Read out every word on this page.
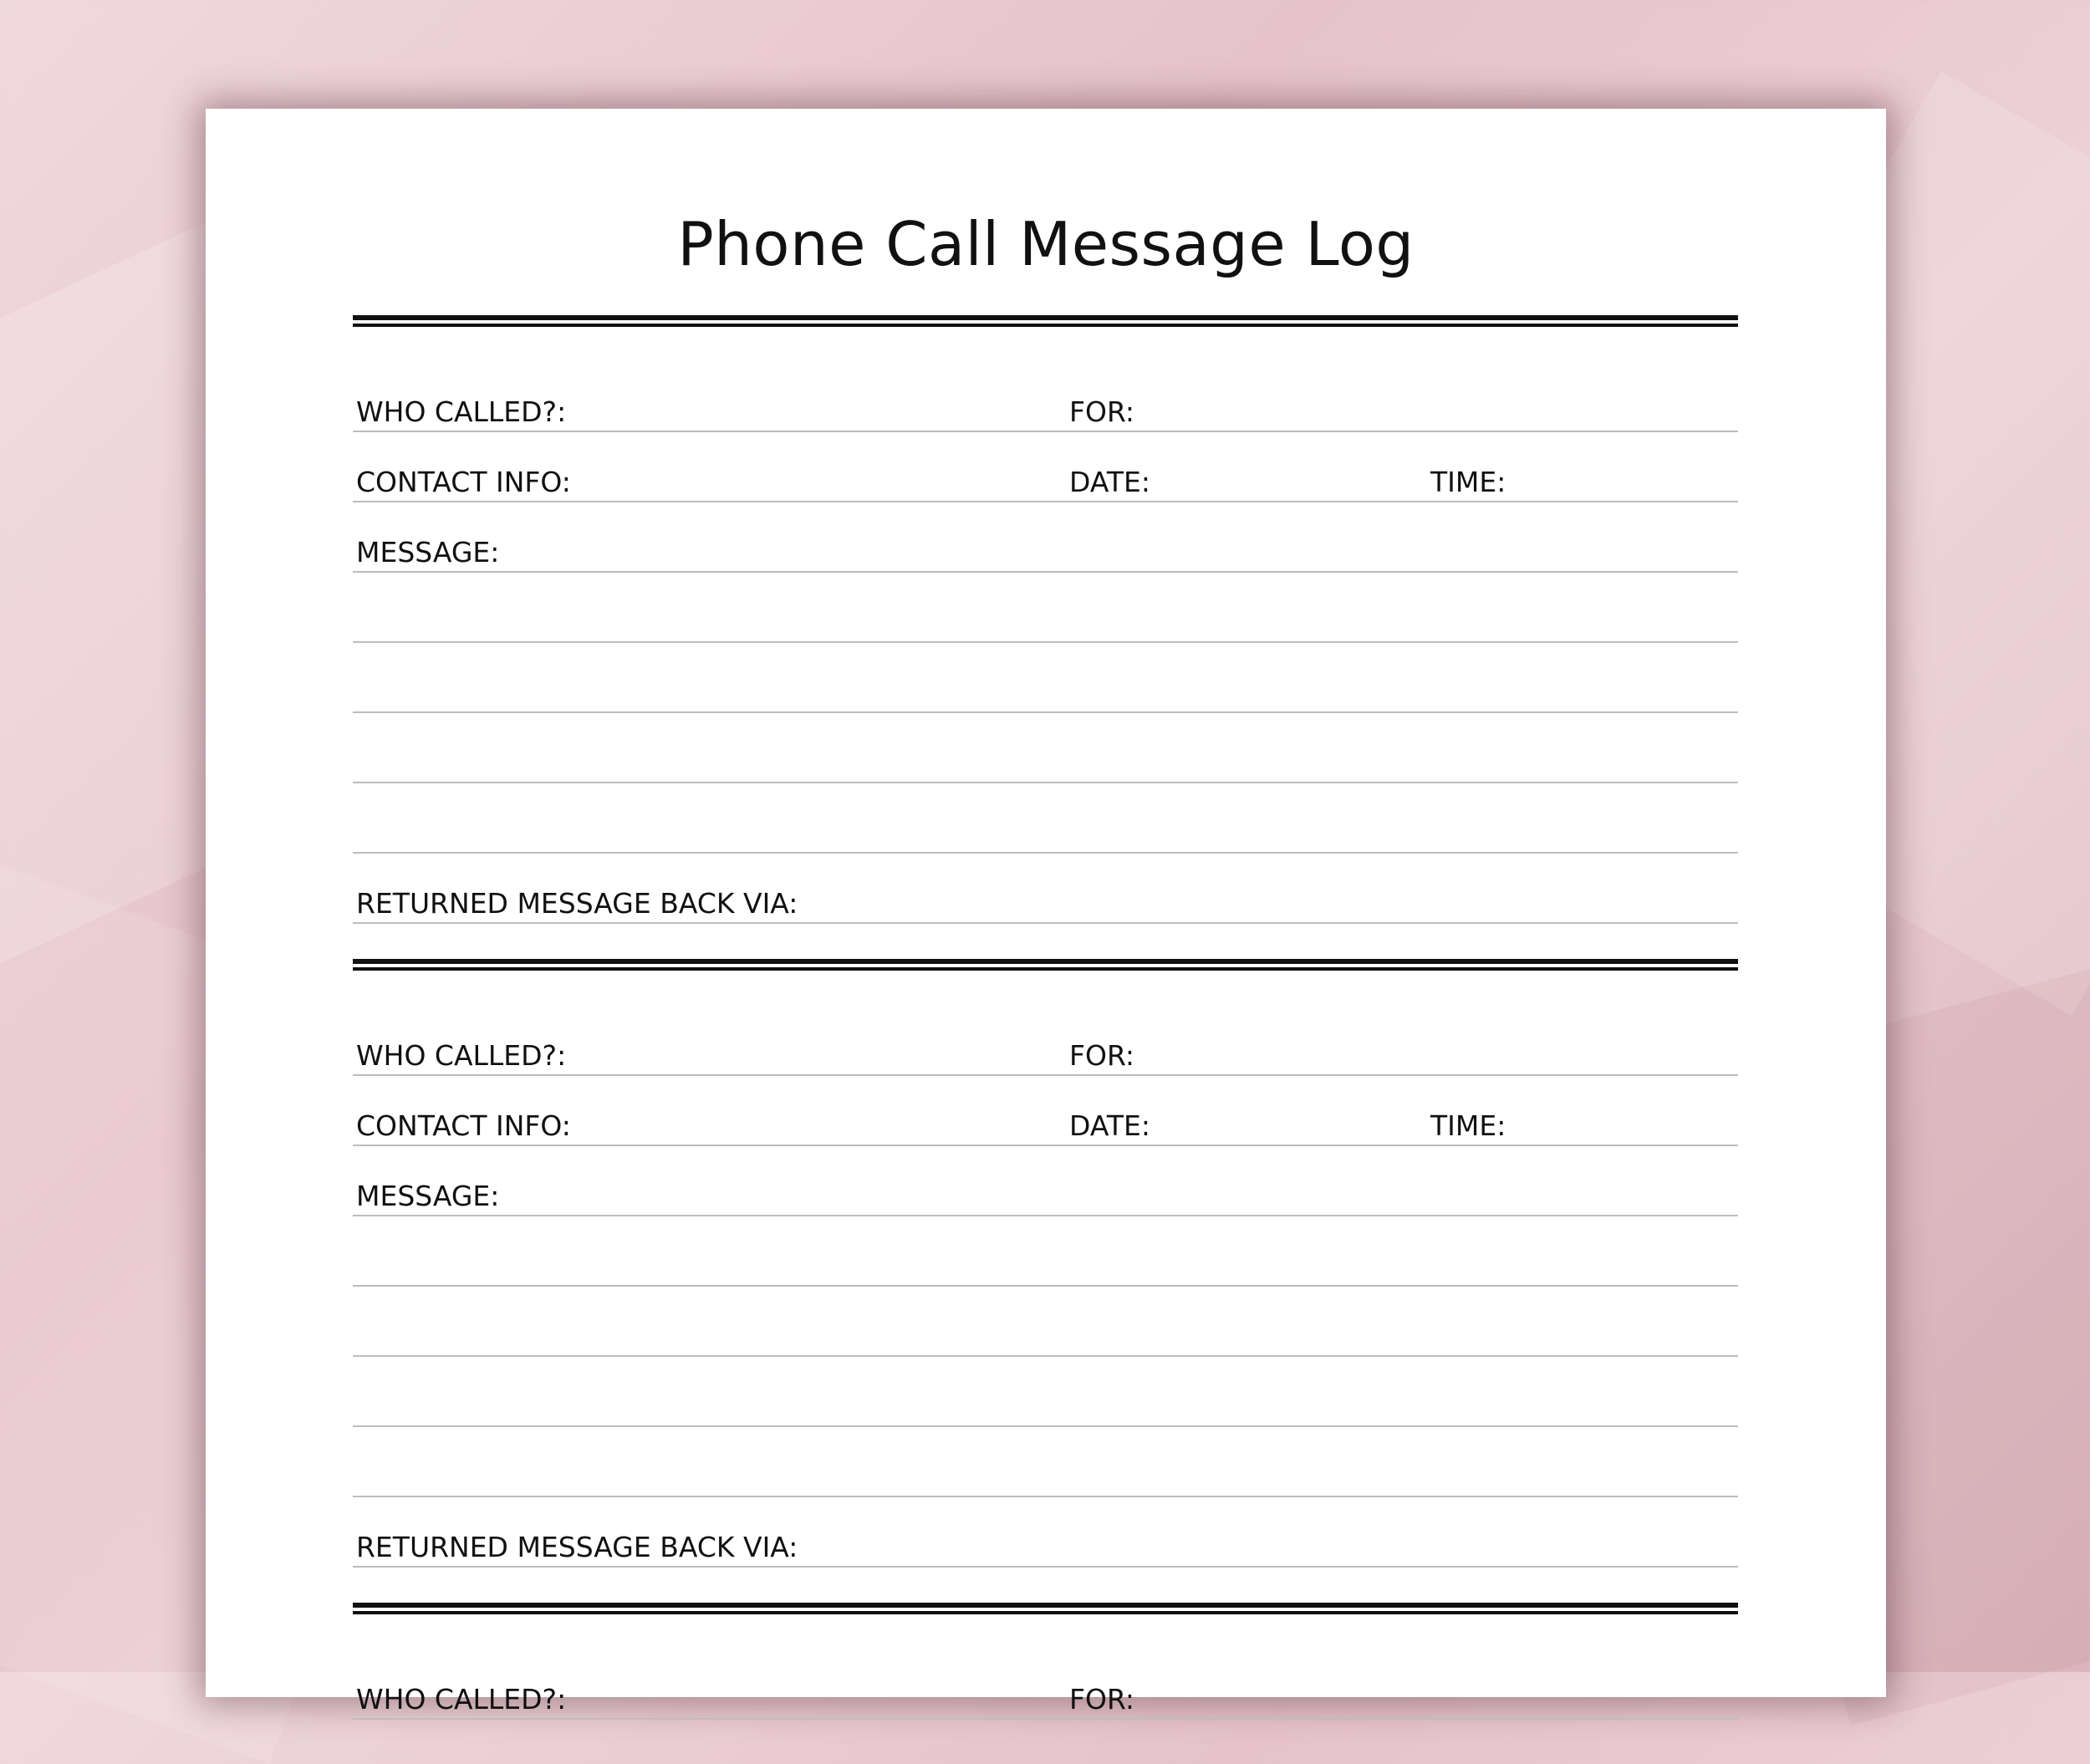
Phone Call Message Log
WHO CALLED?:	FOR:
CONTACT INFO:	DATE:	TIME:
MESSAGE:
RETURNED MESSAGE BACK VIA:
WHO CALLED?:	FOR:
CONTACT INFO:	DATE:	TIME:
MESSAGE:
RETURNED MESSAGE BACK VIA:
WHO CALLED?:	FOR:
